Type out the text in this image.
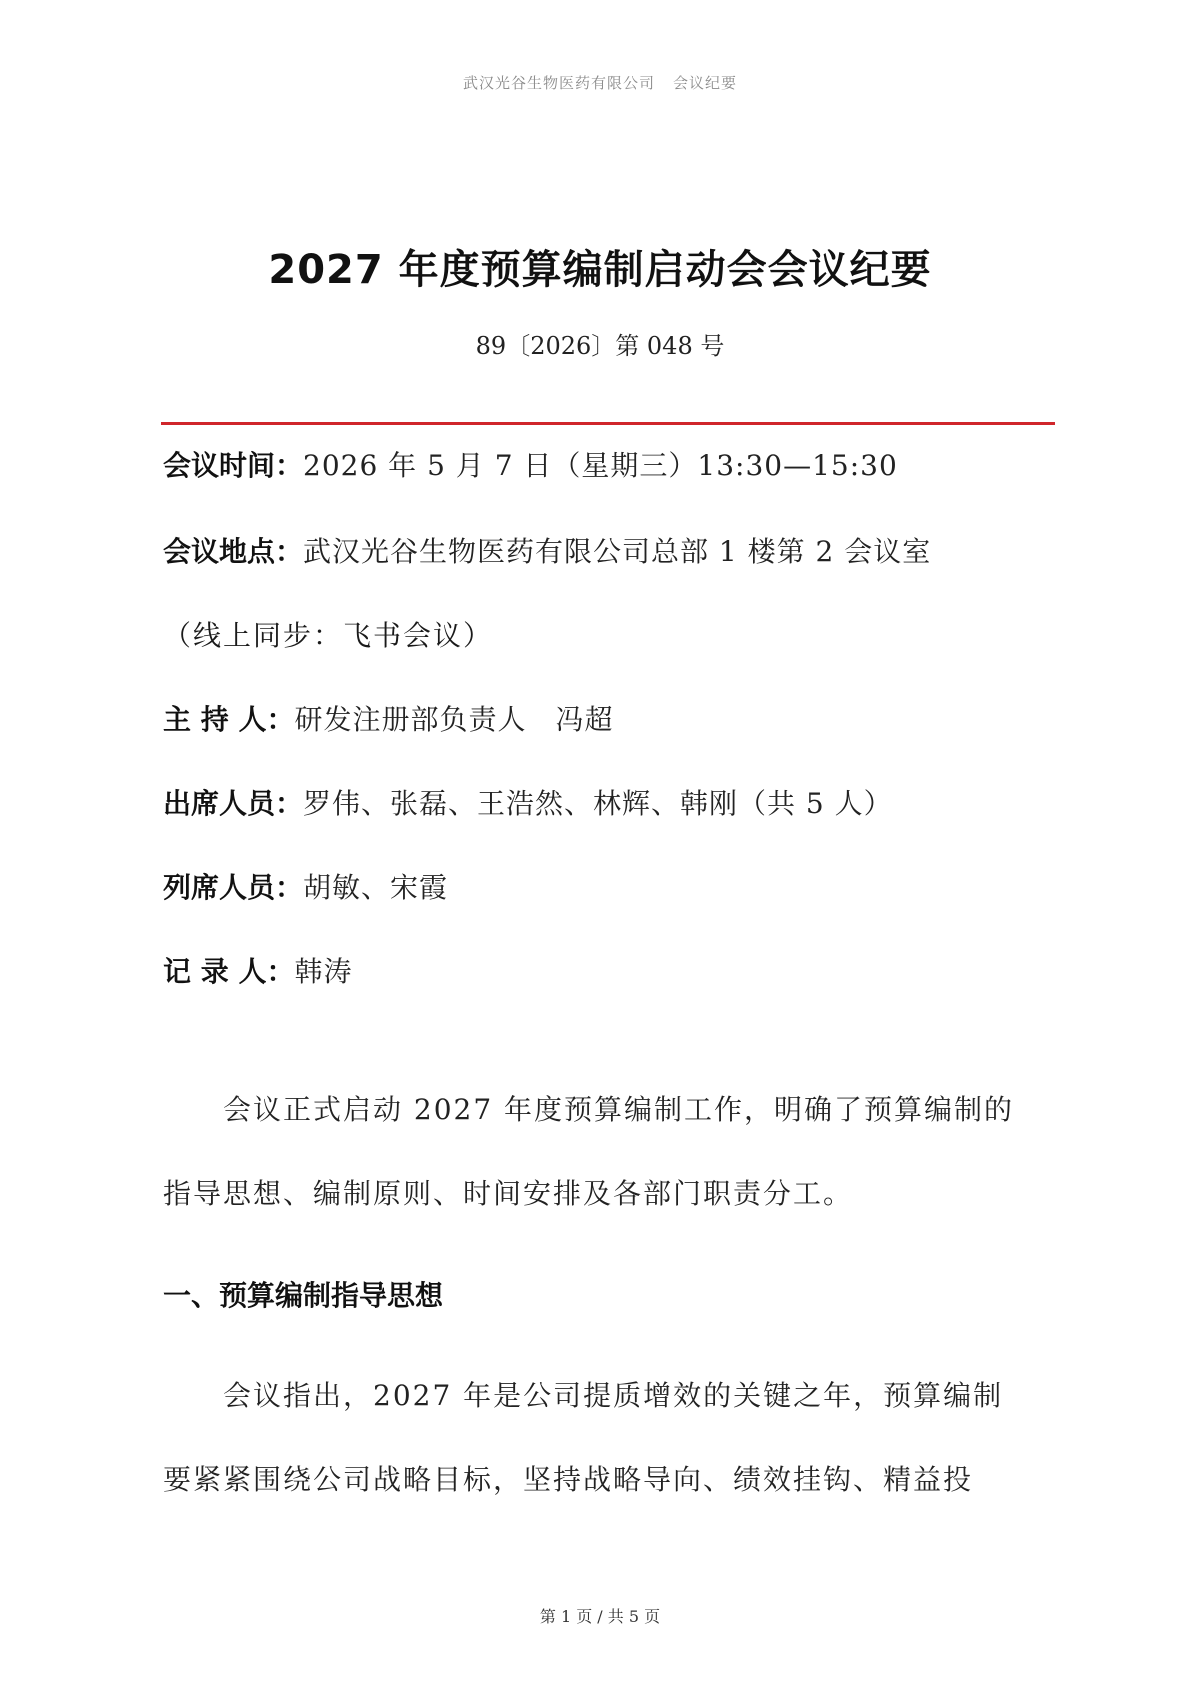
武汉光谷生物医药有限公司 会议纪要
2027 年度预算编制启动会会议纪要
89〔2026〕第 048 号
会议时间：2026 年 5 月 7 日（星期三）13:30—15:30
会议地点：武汉光谷生物医药有限公司总部 1 楼第 2 会议室
（线上同步：飞书会议）
主 持 人：研发注册部负责人　冯超
出席人员：罗伟、张磊、王浩然、林辉、韩刚（共 5 人）
列席人员：胡敏、宋霞
记 录 人：韩涛
　　会议正式启动 2027 年度预算编制工作，明确了预算编制的
指导思想、编制原则、时间安排及各部门职责分工。
一、预算编制指导思想
　　会议指出，2027 年是公司提质增效的关键之年，预算编制
要紧紧围绕公司战略目标，坚持战略导向、绩效挂钩、精益投
第 1 页 / 共 5 页
